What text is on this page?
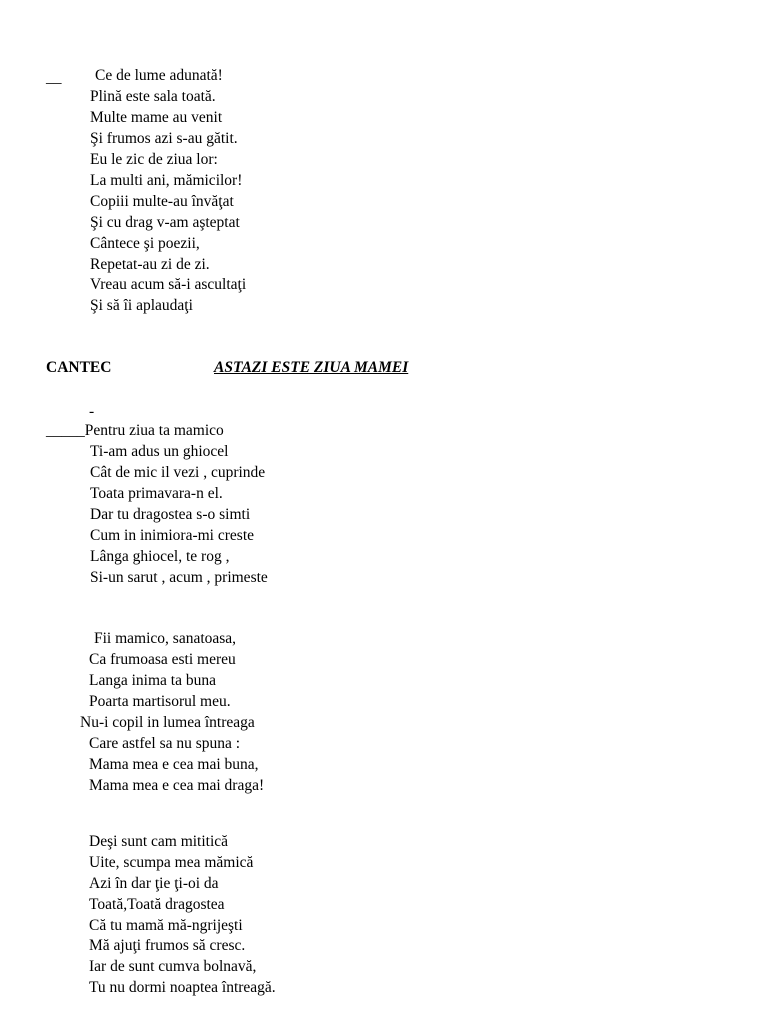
__ Ce de lume adunată!
Plină este sala toată.
Multe mame au venit
Şi frumos azi s-au gătit.
Eu le zic de ziua lor:
La multi ani, mămicilor!
Copiii multe-au învăţat
Şi cu drag v-am aşteptat
Cântece şi poezii,
Repetat-au zi de zi.
Vreau acum să-i ascultaţi
Şi să îi aplaudaţi
CANTEC	ASTAZI ESTE ZIUA MAMEI
-
_____Pentru ziua ta mamico
Ti-am adus un ghiocel
Cât de mic il vezi , cuprinde
Toata primavara-n el.
Dar tu dragostea s-o simti
Cum in inimiora-mi creste
Lânga ghiocel, te rog ,
Si-un sarut , acum , primeste
Fii mamico, sanatoasa,
Ca frumoasa esti mereu
Langa inima ta buna
Poarta martisorul meu.
Nu-i copil in lumea întreaga
Care astfel sa nu spuna :
Mama mea e cea mai buna,
Mama mea e cea mai draga!
Deşi sunt cam mititică
Uite, scumpa mea mămică
Azi în dar ţie ţi-oi da
Toată,Toată dragostea
Că tu mamă mă-ngrijeşti
Mă ajuţi frumos să cresc.
Iar de sunt cumva bolnavă,
Tu nu dormi noaptea întreagă.
